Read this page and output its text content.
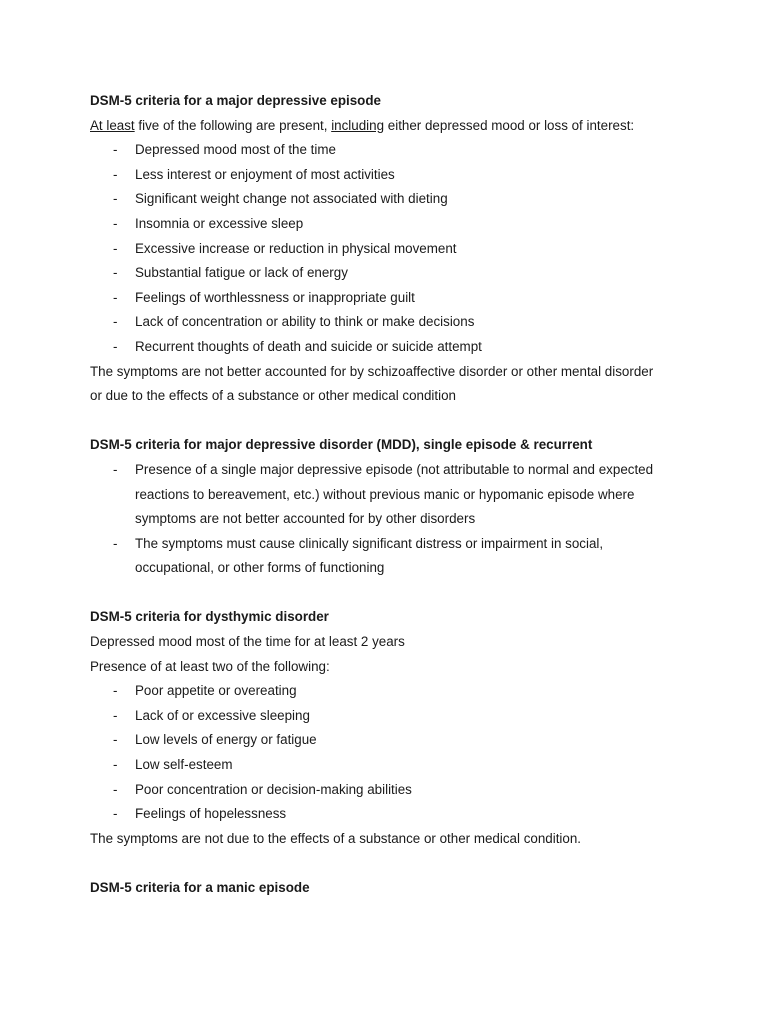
DSM-5 criteria for a major depressive episode

At least five of the following are present, including either depressed mood or loss of interest:

- Depressed mood most of the time
- Less interest or enjoyment of most activities
- Significant weight change not associated with dieting
- Insomnia or excessive sleep
- Excessive increase or reduction in physical movement
- Substantial fatigue or lack of energy
- Feelings of worthlessness or inappropriate guilt
- Lack of concentration or ability to think or make decisions
- Recurrent thoughts of death and suicide or suicide attempt

The symptoms are not better accounted for by schizoaffective disorder or other mental disorder

or due to the effects of a substance or other medical condition

DSM-5 criteria for major depressive disorder (MDD), single episode & recurrent

- Presence of a single major depressive episode (not attributable to normal and expected
reactions to bereavement, etc.) without previous manic or hypomanic episode where
symptoms are not better accounted for by other disorders
- The symptoms must cause clinically significant distress or impairment in social,
occupational, or other forms of functioning

DSM-5 criteria for dysthymic disorder

Depressed mood most of the time for at least 2 years

Presence of at least two of the following:

- Poor appetite or overeating
- Lack of or excessive sleeping
- Low levels of energy or fatigue
- Low self-esteem
- Poor concentration or decision-making abilities
- Feelings of hopelessness

The symptoms are not due to the effects of a substance or other medical condition.

DSM-5 criteria for a manic episode
